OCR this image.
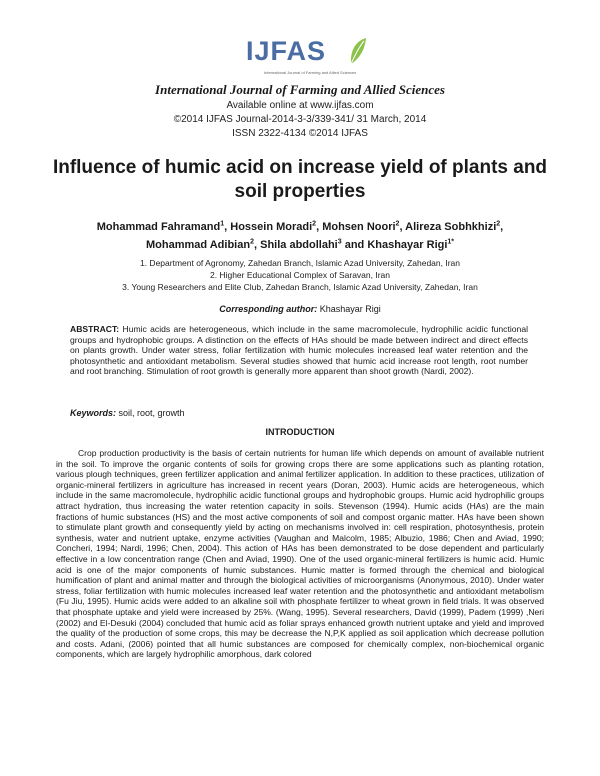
IJFAS
International Journal of Farming and Allied Sciences
International Journal of Farming and Allied Sciences
Available online at www.ijfas.com
©2014 IJFAS Journal-2014-3-3/339-341/ 31 March, 2014
ISSN 2322-4134 ©2014 IJFAS
Influence of humic acid on increase yield of plants and soil properties
Mohammad Fahramand$^1$, Hossein Moradi$^2$, Mohsen Noori$^2$, Alireza Sobhkhizi$^2$,
Mohammad Adibian$^2$, Shila abdollahi$^3$ and Khashayar Rigi$^{1*}$
1. Department of Agronomy, Zahedan Branch, Islamic Azad University, Zahedan, Iran
2. Higher Educational Complex of Saravan, Iran
3. Young Researchers and Elite Club, Zahedan Branch, Islamic Azad University, Zahedan, Iran
Corresponding author: Khashayar Rigi
ABSTRACT: Humic acids are heterogeneous, which include in the same macromolecule, hydrophilic acidic functional groups and hydrophobic groups. A distinction on the effects of HAs should be made between indirect and direct effects on plants growth. Under water stress, foliar fertilization with humic molecules increased leaf water retention and the photosynthetic and antioxidant metabolism. Several studies showed that humic acid increase root length, root number and root branching. Stimulation of root growth is generally more apparent than shoot growth (Nardi, 2002).
Keywords: soil, root, growth
INTRODUCTION
Crop production productivity is the basis of certain nutrients for human life which depends on amount of available nutrient in the soil. To improve the organic contents of soils for growing crops there are some applications such as planting rotation, various plough techniques, green fertilizer application and animal fertilizer application. In addition to these practices, utilization of organic-mineral fertilizers in agriculture has increased in recent years (Doran, 2003). Humic acids are heterogeneous, which include in the same macromolecule, hydrophilic acidic functional groups and hydrophobic groups. Humic acid hydrophilic groups attract hydration, thus increasing the water retention capacity in soils. Stevenson (1994). Humic acids (HAs) are the main fractions of humic substances (HS) and the most active components of soil and compost organic matter. HAs have been shown to stimulate plant growth and consequently yield by acting on mechanisms involved in: cell respiration, photosynthesis, protein synthesis, water and nutrient uptake, enzyme activities (Vaughan and Malcolm, 1985; Albuzio, 1986; Chen and Aviad, 1990; Concheri, 1994; Nardi, 1996; Chen, 2004). This action of HAs has been demonstrated to be dose dependent and particularly effective in a low concentration range (Chen and Aviad, 1990). One of the used organic-mineral fertilizers is humic acid. Humic acid is one of the major components of humic substances. Humic matter is formed through the chemical and biological humification of plant and animal matter and through the biological activities of microorganisms (Anonymous, 2010). Under water stress, foliar fertilization with humic molecules increased leaf water retention and the photosynthetic and antioxidant metabolism (Fu Jiu, 1995). Humic acids were added to an alkaline soil with phosphate fertilizer to wheat grown in field trials. It was observed that phosphate uptake and yield were increased by 25%. (Wang, 1995). Several researchers, David (1999), Padem (1999) ,Neri (2002) and El-Desuki (2004) concluded that humic acid as foliar sprays enhanced growth nutrient uptake and yield and improved the quality of the production of some crops, this may be decrease the N,P,K applied as soil application which decrease pollution and costs. Adani, (2006) pointed that all humic substances are composed for chemically complex, non-biochemical organic components, which are largely hydrophilic amorphous, dark colored
